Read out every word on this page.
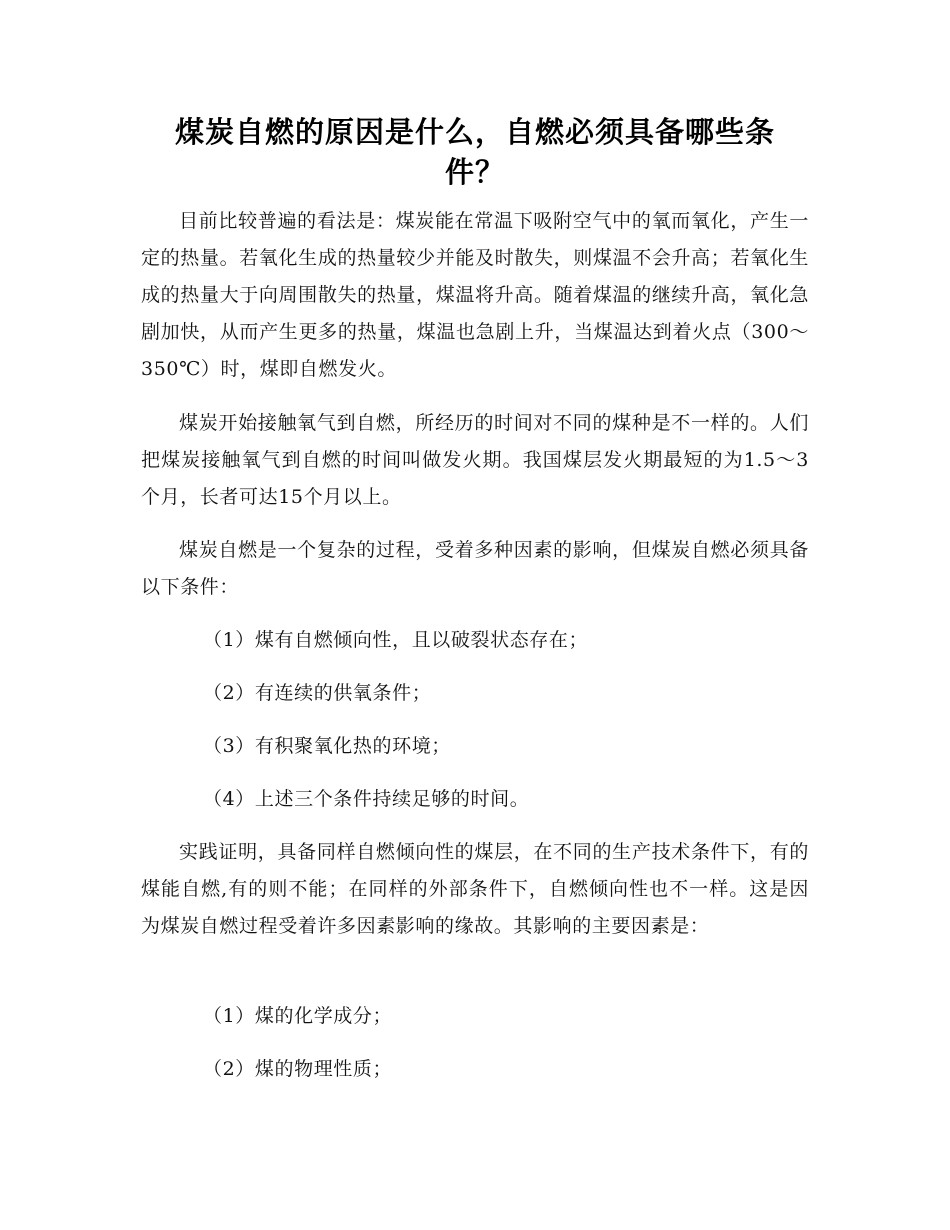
煤炭自燃的原因是什么，自燃必须具备哪些条件？

目前比较普遍的看法是：煤炭能在常温下吸附空气中的氧而氧化，产生一定的热量。若氧化生成的热量较少并能及时散失，则煤温不会升高；若氧化生成的热量大于向周围散失的热量，煤温将升高。随着煤温的继续升高，氧化急剧加快，从而产生更多的热量，煤温也急剧上升，当煤温达到着火点（300～350℃）时，煤即自燃发火。

煤炭开始接触氧气到自燃，所经历的时间对不同的煤种是不一样的。人们把煤炭接触氧气到自燃的时间叫做发火期。我国煤层发火期最短的为1.5～3个月，长者可达15个月以上。

煤炭自燃是一个复杂的过程，受着多种因素的影响，但煤炭自燃必须具备以下条件：

（1）煤有自燃倾向性，且以破裂状态存在；

（2）有连续的供氧条件；

（3）有积聚氧化热的环境；

（4）上述三个条件持续足够的时间。

实践证明，具备同样自燃倾向性的煤层，在不同的生产技术条件下，有的煤能自燃,有的则不能；在同样的外部条件下，自燃倾向性也不一样。这是因为煤炭自燃过程受着许多因素影响的缘故。其影响的主要因素是：

（1）煤的化学成分；

（2）煤的物理性质；
